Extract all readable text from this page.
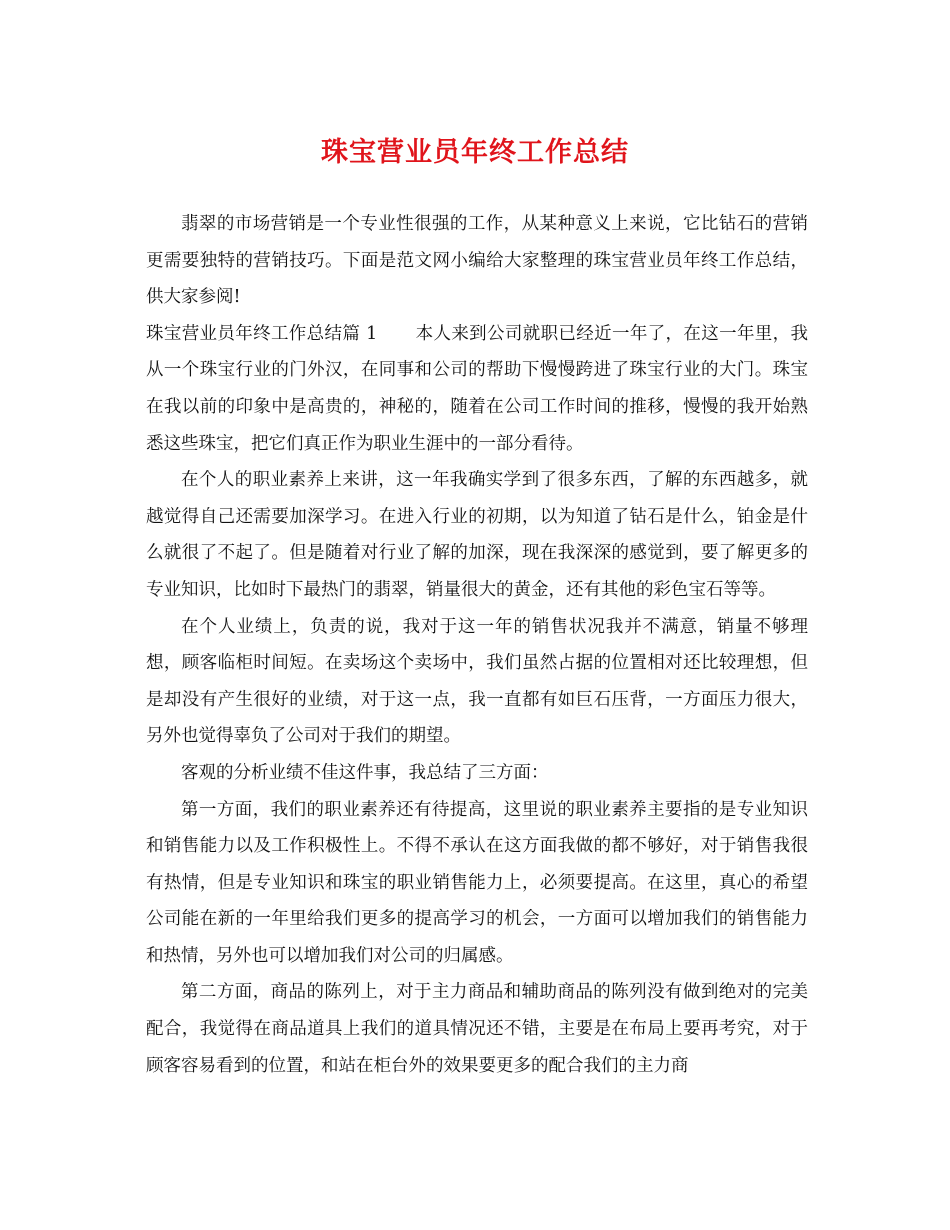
珠宝营业员年终工作总结

翡翠的市场营销是一个专业性很强的工作，从某种意义上来说，它比钻石的营销更需要独特的营销技巧。下面是范文网小编给大家整理的珠宝营业员年终工作总结，供大家参阅!

珠宝营业员年终工作总结篇 1 本人来到公司就职已经近一年了，在这一年里，我从一个珠宝行业的门外汉，在同事和公司的帮助下慢慢跨进了珠宝行业的大门。珠宝在我以前的印象中是高贵的，神秘的，随着在公司工作时间的推移，慢慢的我开始熟悉这些珠宝，把它们真正作为职业生涯中的一部分看待。

在个人的职业素养上来讲，这一年我确实学到了很多东西，了解的东西越多，就越觉得自己还需要加深学习。在进入行业的初期，以为知道了钻石是什么，铂金是什么就很了不起了。但是随着对行业了解的加深，现在我深深的感觉到，要了解更多的专业知识，比如时下最热门的翡翠，销量很大的黄金，还有其他的彩色宝石等等。

在个人业绩上，负责的说，我对于这一年的销售状况我并不满意，销量不够理想，顾客临柜时间短。在卖场这个卖场中，我们虽然占据的位置相对还比较理想，但是却没有产生很好的业绩，对于这一点，我一直都有如巨石压背，一方面压力很大，另外也觉得辜负了公司对于我们的期望。

客观的分析业绩不佳这件事，我总结了三方面：

第一方面，我们的职业素养还有待提高，这里说的职业素养主要指的是专业知识和销售能力以及工作积极性上。不得不承认在这方面我做的都不够好，对于销售我很有热情，但是专业知识和珠宝的职业销售能力上，必须要提高。在这里，真心的希望公司能在新的一年里给我们更多的提高学习的机会，一方面可以增加我们的销售能力和热情，另外也可以增加我们对公司的归属感。

第二方面，商品的陈列上，对于主力商品和辅助商品的陈列没有做到绝对的完美配合，我觉得在商品道具上我们的道具情况还不错，主要是在布局上要再考究，对于顾客容易看到的位置，和站在柜台外的效果要更多的配合我们的主力商
